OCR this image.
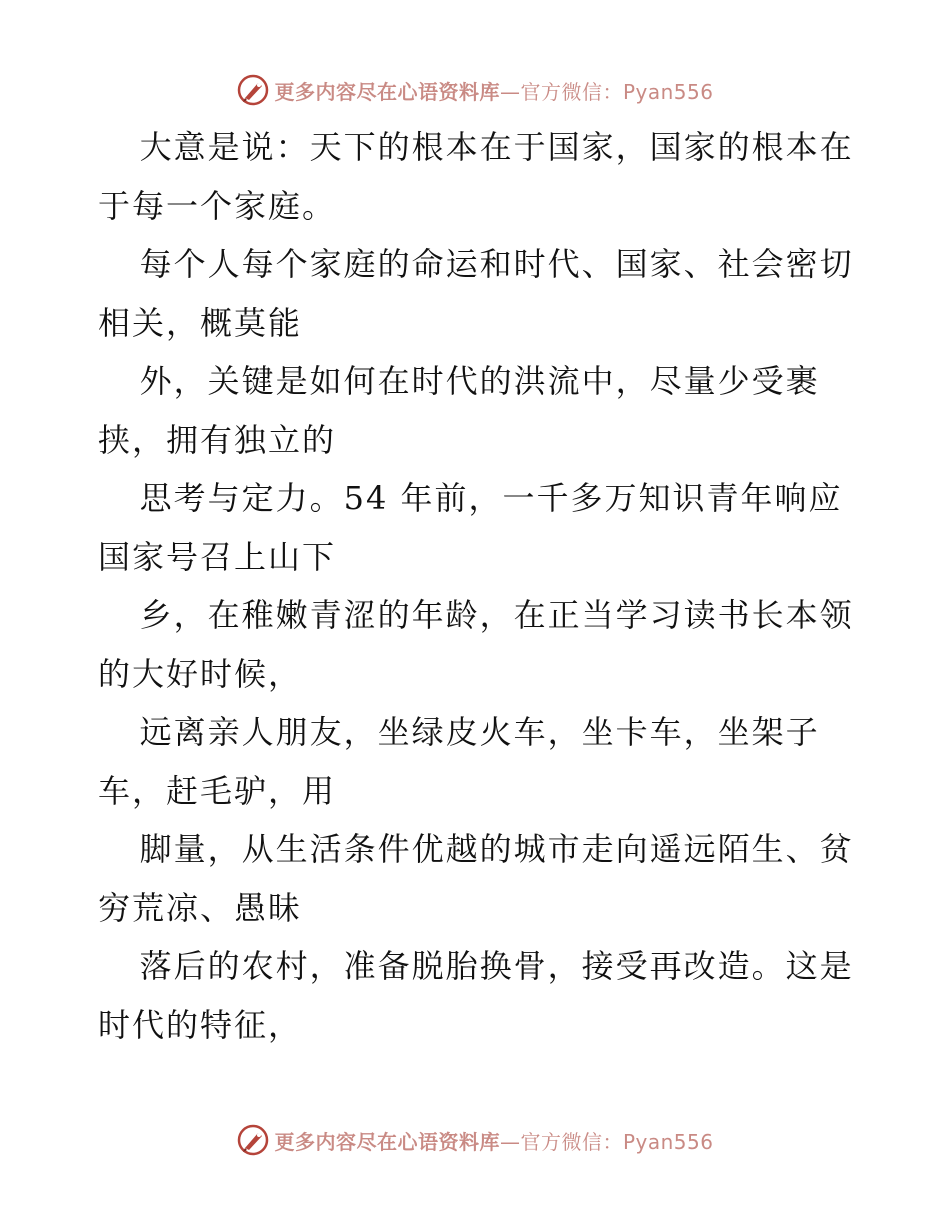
更多内容尽在心语资料库—官方微信：Pyan556

大意是说：天下的根本在于国家，国家的根本在
于每一个家庭。

每个人每个家庭的命运和时代、国家、社会密切
相关，概莫能

外，关键是如何在时代的洪流中，尽量少受裹
挟，拥有独立的

思考与定力。54 年前，一千多万知识青年响应
国家号召上山下

乡，在稚嫩青涩的年龄，在正当学习读书长本领
的大好时候，

远离亲人朋友，坐绿皮火车，坐卡车，坐架子
车，赶毛驴，用

脚量，从生活条件优越的城市走向遥远陌生、贫
穷荒凉、愚昧

落后的农村，准备脱胎换骨，接受再改造。这是
时代的特征，

更多内容尽在心语资料库—官方微信：Pyan556
